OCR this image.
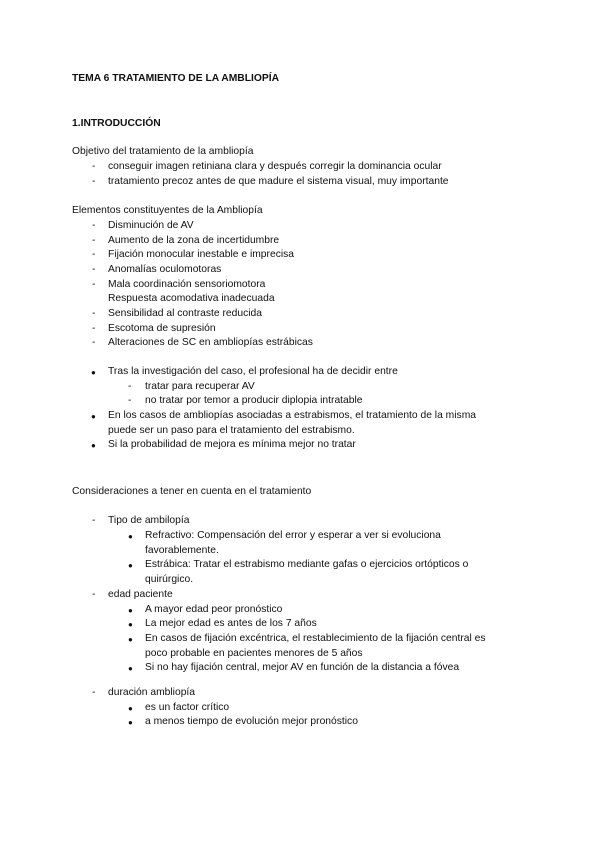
TEMA 6 TRATAMIENTO DE LA AMBLIOPÍA
1.INTRODUCCIÓN
Objetivo del tratamiento de la ambliopía
- conseguir imagen retiniana clara y después corregir la dominancia ocular
- tratamiento precoz antes de que madure el sistema visual, muy importante
Elementos constituyentes de la Ambliopía
- Disminución de AV
- Aumento de la zona de incertidumbre
- Fijación monocular inestable e imprecisa
- Anomalías oculomotoras
- Mala coordinación sensoriomotora
Respuesta acomodativa inadecuada
- Sensibilidad al contraste reducida
- Escotoma de supresión
- Alteraciones de SC en ambliopías estrábicas
● Tras la investigación del caso, el profesional ha de decidir entre
- tratar para recuperar AV
- no tratar por temor a producir diplopia intratable
● En los casos de ambliopías asociadas a estrabismos, el tratamiento de la misma
puede ser un paso para el tratamiento del estrabismo.
● Si la probabilidad de mejora es mínima mejor no tratar
Consideraciones a tener en cuenta en el tratamiento
- Tipo de ambilopía
● Refractivo: Compensación del error y esperar a ver si evoluciona
favorablemente.
● Estrábica: Tratar el estrabismo mediante gafas o ejercicios ortópticos o
quirúrgico.
- edad paciente
● A mayor edad peor pronóstico
● La mejor edad es antes de los 7 años
● En casos de fijación excéntrica, el restablecimiento de la fijación central es
poco probable en pacientes menores de 5 años
● Si no hay fijación central, mejor AV en función de la distancia a fóvea
- duración ambliopía
● es un factor crítico
● a menos tiempo de evolución mejor pronóstico
